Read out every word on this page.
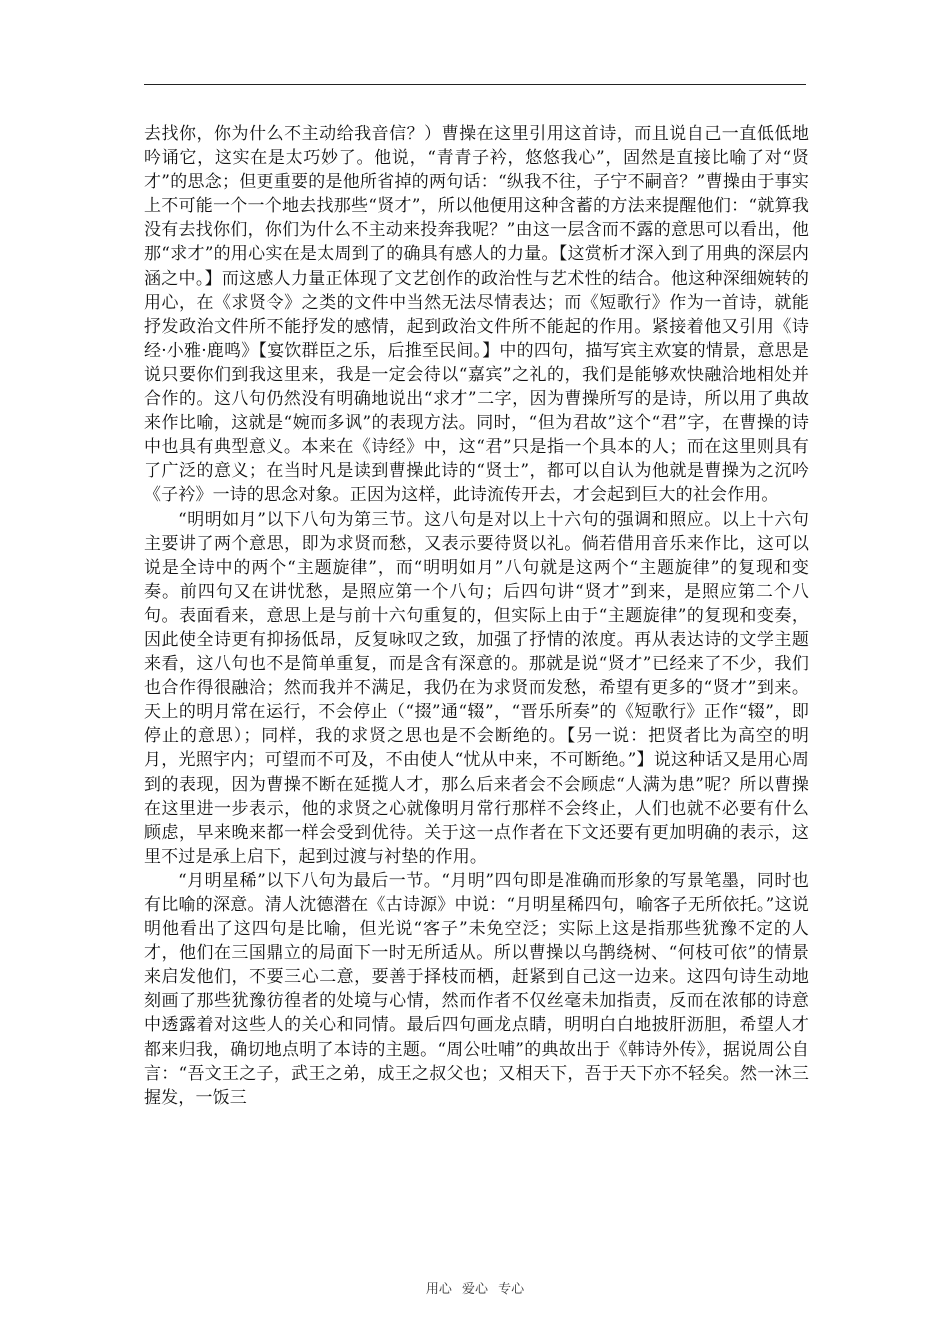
去找你，你为什么不主动给我音信？）曹操在这里引用这首诗，而且说自己一直低低地吟诵它，这实在是太巧妙了。他说，“青青子衿，悠悠我心”，固然是直接比喻了对“贤才”的思念；但更重要的是他所省掉的两句话：“纵我不往，子宁不嗣音？”曹操由于事实上不可能一个一个地去找那些“贤才”，所以他便用这种含蓄的方法来提醒他们：“就算我没有去找你们，你们为什么不主动来投奔我呢？”由这一层含而不露的意思可以看出，他那“求才”的用心实在是太周到了的确具有感人的力量。【这赏析才深入到了用典的深层内涵之中。】而这感人力量正体现了文艺创作的政治性与艺术性的结合。他这种深细婉转的用心，在《求贤令》之类的文件中当然无法尽情表达；而《短歌行》作为一首诗，就能抒发政治文件所不能抒发的感情，起到政治文件所不能起的作用。紧接着他又引用《诗经·小雅·鹿鸣》【宴饮群臣之乐，后推至民间。】中的四句，描写宾主欢宴的情景，意思是说只要你们到我这里来，我是一定会待以“嘉宾”之礼的，我们是能够欢快融洽地相处并合作的。这八句仍然没有明确地说出“求才”二字，因为曹操所写的是诗，所以用了典故来作比喻，这就是“婉而多讽”的表现方法。同时，“但为君故”这个“君”字，在曹操的诗中也具有典型意义。本来在《诗经》中，这“君”只是指一个具本的人；而在这里则具有了广泛的意义；在当时凡是读到曹操此诗的“贤士”，都可以自认为他就是曹操为之沉吟《子衿》一诗的思念对象。正因为这样，此诗流传开去，才会起到巨大的社会作用。

“明明如月”以下八句为第三节。这八句是对以上十六句的强调和照应。以上十六句主要讲了两个意思，即为求贤而愁，又表示要待贤以礼。倘若借用音乐来作比，这可以说是全诗中的两个“主题旋律”，而“明明如月”八句就是这两个“主题旋律”的复现和变奏。前四句又在讲忧愁，是照应第一个八句；后四句讲“贤才”到来，是照应第二个八句。表面看来，意思上是与前十六句重复的，但实际上由于“主题旋律”的复现和变奏，因此使全诗更有抑扬低昂，反复咏叹之致，加强了抒情的浓度。再从表达诗的文学主题来看，这八句也不是简单重复，而是含有深意的。那就是说“贤才”已经来了不少，我们也合作得很融洽；然而我并不满足，我仍在为求贤而发愁，希望有更多的“贤才”到来。天上的明月常在运行，不会停止（“掇”通“辍”，“晋乐所奏”的《短歌行》正作“辍”，即停止的意思）；同样，我的求贤之思也是不会断绝的。【另一说：把贤者比为高空的明月，光照宇内；可望而不可及，不由使人“忧从中来，不可断绝。”】说这种话又是用心周到的表现，因为曹操不断在延揽人才，那么后来者会不会顾虑“人满为患”呢？所以曹操在这里进一步表示，他的求贤之心就像明月常行那样不会终止，人们也就不必要有什么顾虑，早来晚来都一样会受到优待。关于这一点作者在下文还要有更加明确的表示，这里不过是承上启下，起到过渡与衬垫的作用。

“月明星稀”以下八句为最后一节。“月明”四句即是准确而形象的写景笔墨，同时也有比喻的深意。清人沈德潜在《古诗源》中说：“月明星稀四句，喻客子无所依托。”这说明他看出了这四句是比喻，但光说“客子”未免空泛；实际上这是指那些犹豫不定的人才，他们在三国鼎立的局面下一时无所适从。所以曹操以乌鹊绕树、“何枝可依”的情景来启发他们，不要三心二意，要善于择枝而栖，赶紧到自己这一边来。这四句诗生动地刻画了那些犹豫彷徨者的处境与心情，然而作者不仅丝毫未加指责，反而在浓郁的诗意中透露着对这些人的关心和同情。最后四句画龙点睛，明明白白地披肝沥胆，希望人才都来归我，确切地点明了本诗的主题。“周公吐哺”的典故出于《韩诗外传》，据说周公自言：“吾文王之子，武王之弟，成王之叔父也；又相天下，吾于天下亦不轻矣。然一沐三握发，一饭三

用心 爱心 专心
